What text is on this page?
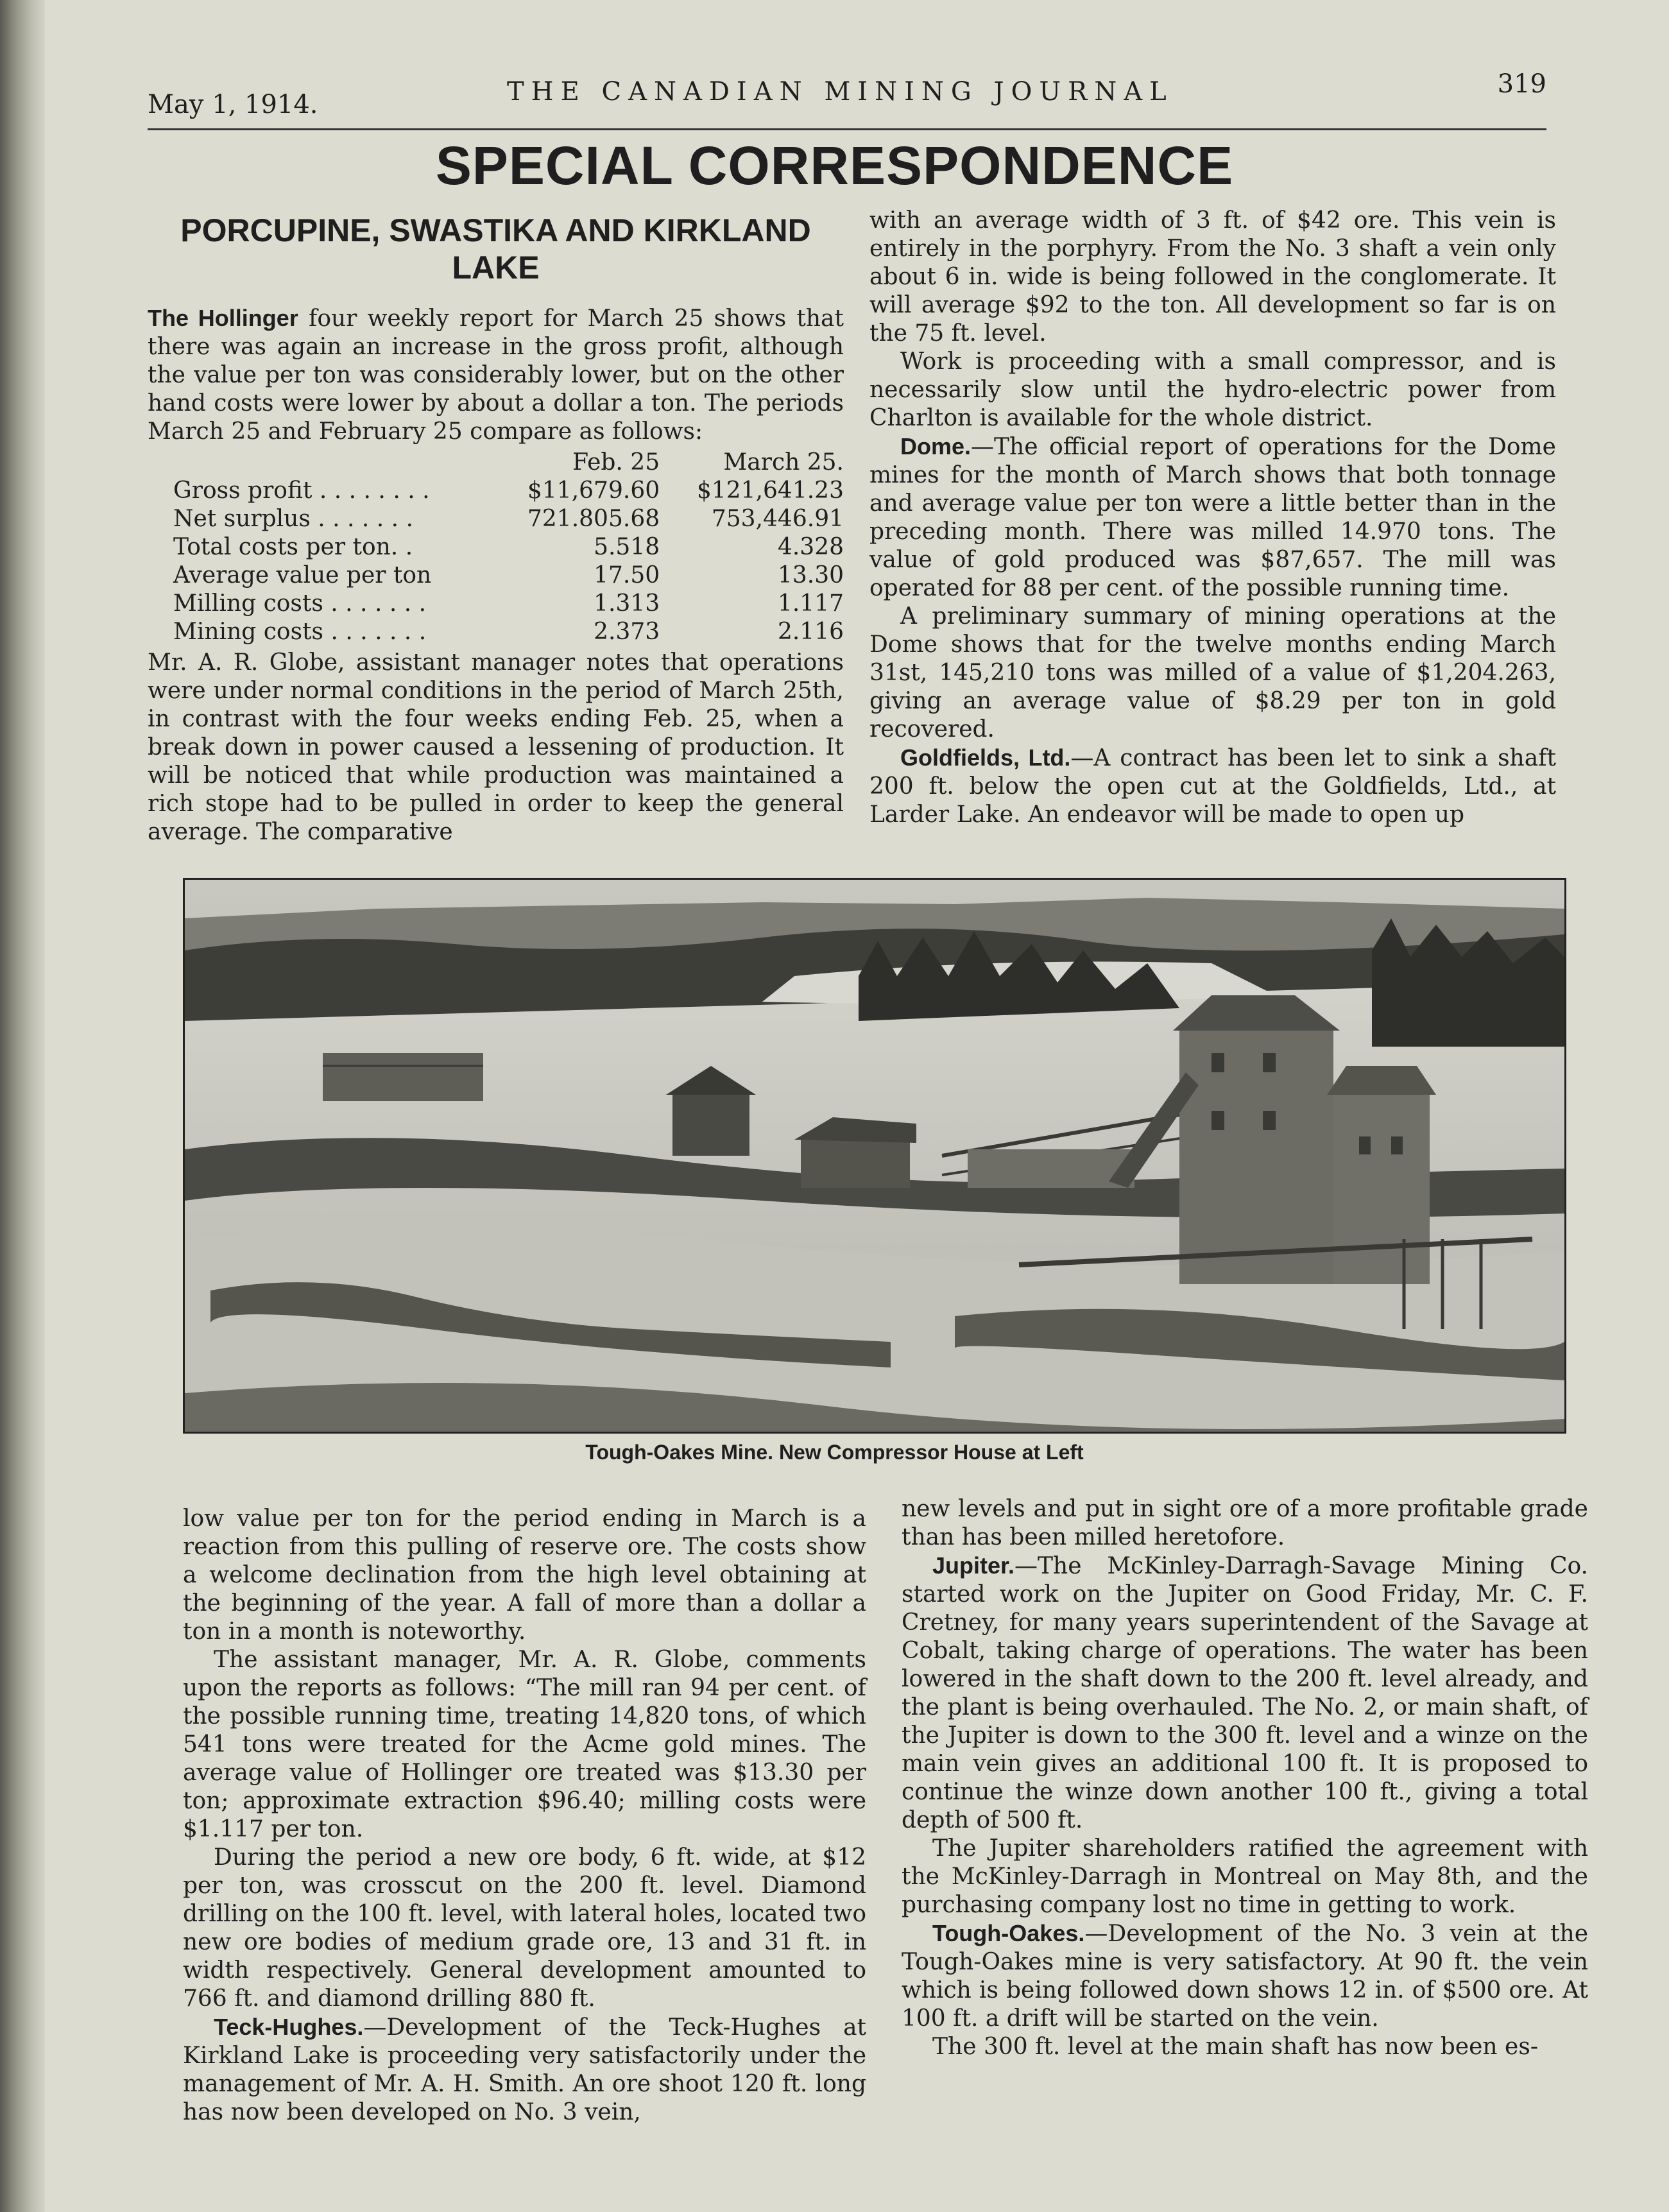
May 1, 1914.	THE CANADIAN MINING JOURNAL	319
SPECIAL CORRESPONDENCE
PORCUPINE, SWASTIKA AND KIRKLAND LAKE

The Hollinger four weekly report for March 25 shows that there was again an increase in the gross profit, although the value per ton was considerably lower, but on the other hand costs were lower by about a dollar a ton. The periods March 25 and February 25 compare as follows:

	Feb. 25	March 25.
Gross profit . . . . . . . .	$11,679.60	$121,641.23
Net surplus . . . . . . .	721.805.68	753,446.91
Total costs per ton. .	5.518	4.328
Average value per ton	17.50	13.30
Milling costs . . . . . . .	1.313	1.117
Mining costs . . . . . . .	2.373	2.116

Mr. A. R. Globe, assistant manager notes that operations were under normal conditions in the period of March 25th, in contrast with the four weeks ending Feb. 25, when a break down in power caused a lessening of production. It will be noticed that while production was maintained a rich stope had to be pulled in order to keep the general average. The comparative

with an average width of 3 ft. of $42 ore. This vein is entirely in the porphyry. From the No. 3 shaft a vein only about 6 in. wide is being followed in the conglomerate. It will average $92 to the ton. All development so far is on the 75 ft. level.

Work is proceeding with a small compressor, and is necessarily slow until the hydro-electric power from Charlton is available for the whole district.

Dome.—The official report of operations for the Dome mines for the month of March shows that both tonnage and average value per ton were a little better than in the preceding month. There was milled 14.970 tons. The value of gold produced was $87,657. The mill was operated for 88 per cent. of the possible running time.

A preliminary summary of mining operations at the Dome shows that for the twelve months ending March 31st, 145,210 tons was milled of a value of $1,204.263, giving an average value of $8.29 per ton in gold recovered.

Goldfields, Ltd.—A contract has been let to sink a shaft 200 ft. below the open cut at the Goldfields, Ltd., at Larder Lake. An endeavor will be made to open up

Tough-Oakes Mine. New Compressor House at Left

low value per ton for the period ending in March is a reaction from this pulling of reserve ore. The costs show a welcome declination from the high level obtaining at the beginning of the year. A fall of more than a dollar a ton in a month is noteworthy.

The assistant manager, Mr. A. R. Globe, comments upon the reports as follows: “The mill ran 94 per cent. of the possible running time, treating 14,820 tons, of which 541 tons were treated for the Acme gold mines. The average value of Hollinger ore treated was $13.30 per ton; approximate extraction $96.40; milling costs were $1.117 per ton.

During the period a new ore body, 6 ft. wide, at $12 per ton, was crosscut on the 200 ft. level. Diamond drilling on the 100 ft. level, with lateral holes, located two new ore bodies of medium grade ore, 13 and 31 ft. in width respectively. General development amounted to 766 ft. and diamond drilling 880 ft.

Teck-Hughes.—Development of the Teck-Hughes at Kirkland Lake is proceeding very satisfactorily under the management of Mr. A. H. Smith. An ore shoot 120 ft. long has now been developed on No. 3 vein,

new levels and put in sight ore of a more profitable grade than has been milled heretofore.

Jupiter.—The McKinley-Darragh-Savage Mining Co. started work on the Jupiter on Good Friday, Mr. C. F. Cretney, for many years superintendent of the Savage at Cobalt, taking charge of operations. The water has been lowered in the shaft down to the 200 ft. level already, and the plant is being overhauled. The No. 2, or main shaft, of the Jupiter is down to the 300 ft. level and a winze on the main vein gives an additional 100 ft. It is proposed to continue the winze down another 100 ft., giving a total depth of 500 ft.

The Jupiter shareholders ratified the agreement with the McKinley-Darragh in Montreal on May 8th, and the purchasing company lost no time in getting to work.

Tough-Oakes.—Development of the No. 3 vein at the Tough-Oakes mine is very satisfactory. At 90 ft. the vein which is being followed down shows 12 in. of $500 ore. At 100 ft. a drift will be started on the vein.

The 300 ft. level at the main shaft has now been es-
